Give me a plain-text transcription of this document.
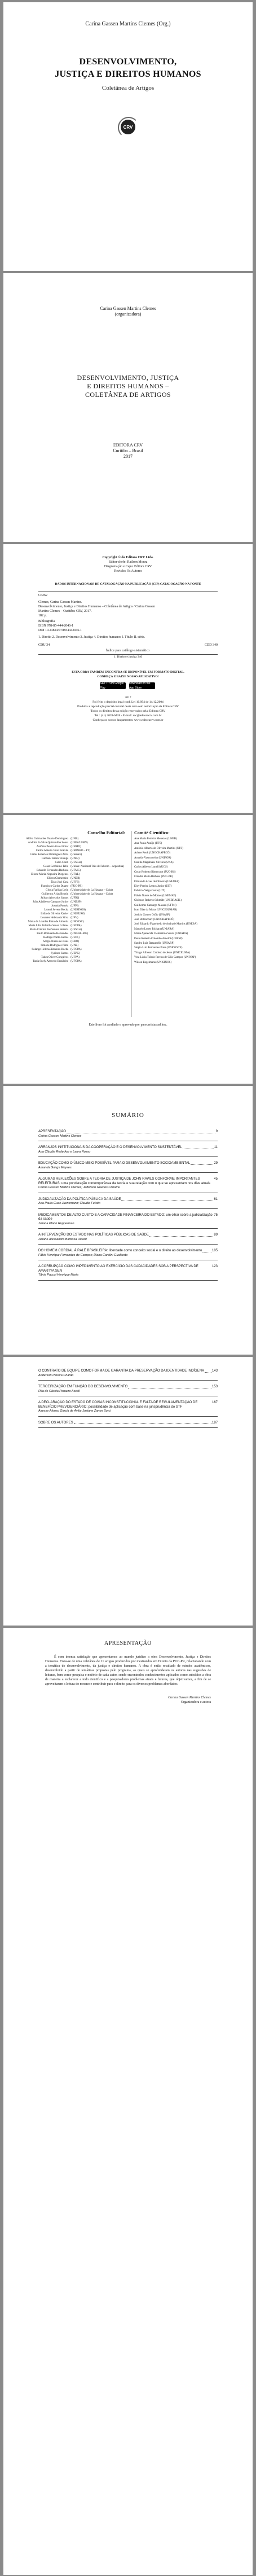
Carina Gassen Martins Clemes (Org.)
DESENVOLVIMENTO,
JUSTIÇA E DIREITOS HUMANOS
Coletânea de Artigos
CRV
Carina Gassen Martins Clemes
(organizadora)
DESENVOLVIMENTO, JUSTIÇA
E DIREITOS HUMANOS –
COLETÂNEA DE ARTIGOS
EDITORA CRV
Curitiba – Brasil
2017
Copyright © da Editora CRV Ltda.
Editor-chefe: Railson Moura
Diagramação e Capa: Editora CRV
Revisão: Os Autores
DADOS INTERNACIONAIS DE CATALOGAÇÃO NA PUBLICAÇÃO (CIP) CATALOGAÇÃO NA FONTE
C6262
Clemes, Carina Gassen Martins.
Desenvolvimento, Justiça e Direitos Humanos – Coletânea de Artigos / Carina Gassen
Martins Clemes – Curitiba: CRV, 2017.
182 p.
Bibliografia
ISBN 978-85-444-2046-1
DOI 10.24824/978854442046.1
1. Direito 2. Desenvolvimento 3. Justiça 4. Direitos humanos I. Título II. série.
CDU 34	CDD 340
Índice para catálogo sistemático
1. Direito e justiça 340
ESTA OBRA TAMBÉM ENCONTRA-SE DISPONÍVEL EM FORMATO DIGITAL.
CONHEÇA E BAIXE NOSSO APLICATIVO!
GET IT ON Google Play
Download on the App Store
2017
Foi feito o depósito legal conf. Lei 10.994 de 14/12/2004
Proibida a reprodução parcial ou total desta obra sem autorização da Editora CRV
Todos os direitos desta edição reservados pela: Editora CRV
Tel.: (41) 3039-6418 - E-mail: sac@editoracrv.com.br
Conheça os nossos lançamentos: www.editoracrv.com.br
Conselho Editorial:
Aldira Guimarães Duarte Domínguez (UNB)
Andréia da Silva Quintanilha Sousa (UNIR/UFRN)
Antônio Pereira Gaio Júnior (UFRRJ)
Carlos Alberto Vilar Estêvão (UMINHO – PT)
Carlos Federico Dominguez Avila (Unieuro)
Carmen Tereza Velanga (UNIR)
Celso Conti (UFSCar)
Cesar Gerónimo Tello (Univer. Nacional Três de Febrero – Argentina)
Eduardo Fernandes Barbosa (UFMG)
Elione Maria Nogueira Diogenes (UFAL)
Elizeu Clementino (UNEB)
Élsio José Corá (UFFS)
Francisco Carlos Duarte (PUC-PR)
Gloria Fariñas León (Universidade de La Havana – Cuba)
Guillermo Arias Beatón (Universidade de La Havana – Cuba)
Jailson Alves dos Santos (UFRJ)
João Adalberto Campato Junior (UNESP)
Josania Portela (UFPI)
Leonel Severo Rocha (UNISINOS)
Lídia de Oliveira Xavier (UNIEURO)
Lourdes Helena da Silva (UFV)
Maria de Lourdes Pinto de Almeida (UNOESC)
Maria Lília Imbiriba Sousa Colares (UFOPA)
Maria Cristina dos Santos Bezerra (UFSCar)
Paulo Romualdo Hernandes (UNIFAL-MG)
Rodrigo Pratte-Santos (UFES)
Sérgio Nunes de Jesus (IFRO)
Simone Rodrigues Pinto (UNB)
Solange Helena Ximenes-Rocha (UFOPA)
Sydione Santos (UEPG)
Tadeu Oliver Gonçalves (UFPA)
Tania Suely Azevedo Brasileiro (UFOPA)
Comitê Científico:
Ana Maria Ferreira Menezes (UNEB)
Ana Paula Araújo (UFS)
Antônio Alberto de Oliveira Martins (UFS)
Arlene Renk (UNOCHAPECÓ)
Arnaldo Vasconcelos (UNIFOR)
Camila Magalhães Silveira (UNA)
Carlos Alberto Lunelli (UCS)
Cezar Roberto Bitencourt (PUC-RS)
Cláudia Maria Barbosa (PUC-PR)
Edmundo Alves de Oliveira (UNIARA)
Eloy Pereira Lemos Junior (UIT)
Fabrício Veiga Costa (UIT)
Flávia Nunes de Moraes (UNEMAT)
Gleisson Roberto Schmidt (UNIBRASIL)
Guilherme Camargo Massaú (UFPel)
Ivan Dias da Motta (UNICESUMAR)
Joelcio Gomes Orfão (UNASP)
José Bittencourt (UNOCHAPECÓ)
José Eduardo Figueiredo de Andrade Martins (UNESA)
Marcelo Lopes Bichara (UNIARA)
Maria Aparecida Clementina Souza (UNIARA)
Paulo Roberto Colombo Arnoldi (UNESP)
Sandro Luiz Bazzanella (UNIARP)
Sérgio Luiz Fernandes Pires (UNIOESTE)
Thiago Allisson Cardoso de Jesus (UNICEUMA)
Vera Lúcia Toledo Pereira de Góis Campos (UNIVAP)
Wilson Engelmann (UNISINOS)
Este livro foi avaliado e aprovado por pareceristas ad hoc.
SUMÁRIO
APRESENTAÇÃO	9
Carina Gassen Martins Clemes
ARRANJOS INSTITUCIONAIS DA COOPERAÇÃO E O DESENVOLVIMENTO SUSTENTÁVEL	11
Ana Cláudia Redecker e Laura Rosso
EDUCAÇÃO COMO O ÚNICO MEIO POSSÍVEL PARA O DESENVOLVIMENTO SOCIOAMBIENTAL	29
Amanda Grings Moyses
ALGUMAS REFLEXÕES SOBRE A TEORIA DE JUSTIÇA DE JOHN RAWLS CONFORME IMPORTANTES RELEITURAS: uma ponderação contemporânea da teoria e sua relação com o que se apresentam nos dias atuais
45
Carina Gassen Martins Clemes; Jefferson Guedes Claramu
JUDICIALIZAÇÃO DA POLÍTICA PÚBLICA DA SAÚDE	61
Ana Paula Guex Juenemann; Claudia Felstin
MEDICAMENTOS DE ALTO CUSTO E A CAPACIDADE FINANCEIRA DO ESTADO: um olhar sobre a judicialização da saúde
75
Juliana Pfann Rupperman
A INTERVENÇÃO DO ESTADO NAS POLÍTICAS PÚBLICAS DE SAÚDE	89
Juliane Alessandra Barbosa Ricard
DO HOMEM CORDIAL À RALÉ BRASILEIRA: liberdade como conceito social e o direito ao desenvolvimento	105
Fábio Henrique Fernandes de Campos; Diana Carolini Gualberto
A CORRUPÇÃO COMO IMPEDIMENTO AO EXERCÍCIO DAS CAPACIDADES SOB A PERSPECTIVA DE AMARTYA SEN
123
Tânia Paccol Henrique Maria
O CONTRATO DE EQUIPE COMO FORMA DE GARANTIA DA PRESERVAÇÃO DA IDENTIDADE INDÍGENA 143
Anderson Pereira Charão
TERCEIRIZAÇÃO EM FUNÇÃO DO DESENVOLVIMENTO	153
Rita de Cássia Peruzzo Ascoli
A DECLARAÇÃO DO ESTADO DE COISAS INCONSTITUCIONAL E FALTA DE REGULAMENTAÇÃO DE BENEFÍCIO PREVIDENCIÁRIO: possibilidade de aplicação com base na jurisprudência do STF
167
Airesse Afonso Garcia de Avila; Josiane Zanon Sorci
SOBRE OS AUTORES	187
APRESENTAÇÃO
É com imensa satisfação que apresentamos ao mundo jurídico a obra Desenvolvimento, Justiça e Direitos Humanos. Trata-se de uma coletânea de 11 artigos produzidos por mestrandos em Direito da PUC-PR, relacionando com a temática do desenvolvimento, da justiça e direitos humanos. A obra é então resultado de estudos acadêmicos, desenvolvido a partir de temáticas propostas pelo programa, as quais se aprofundaram os autores nas sugestões de leituras, bem como pesquisa e notório de cada autor, sendo encontrados conhecimentos aplicados como subsídios a obra de maneira a esclarecer a todo cientifico e a pesquisadores problemas atuais e futuros, que objetivamos, a fim de se aproveitarem a leitura do mesmo e contribuir para o direito para os diversos problemas abordados.
Carina Gassen Martins Clemes
Organizadora e autora
